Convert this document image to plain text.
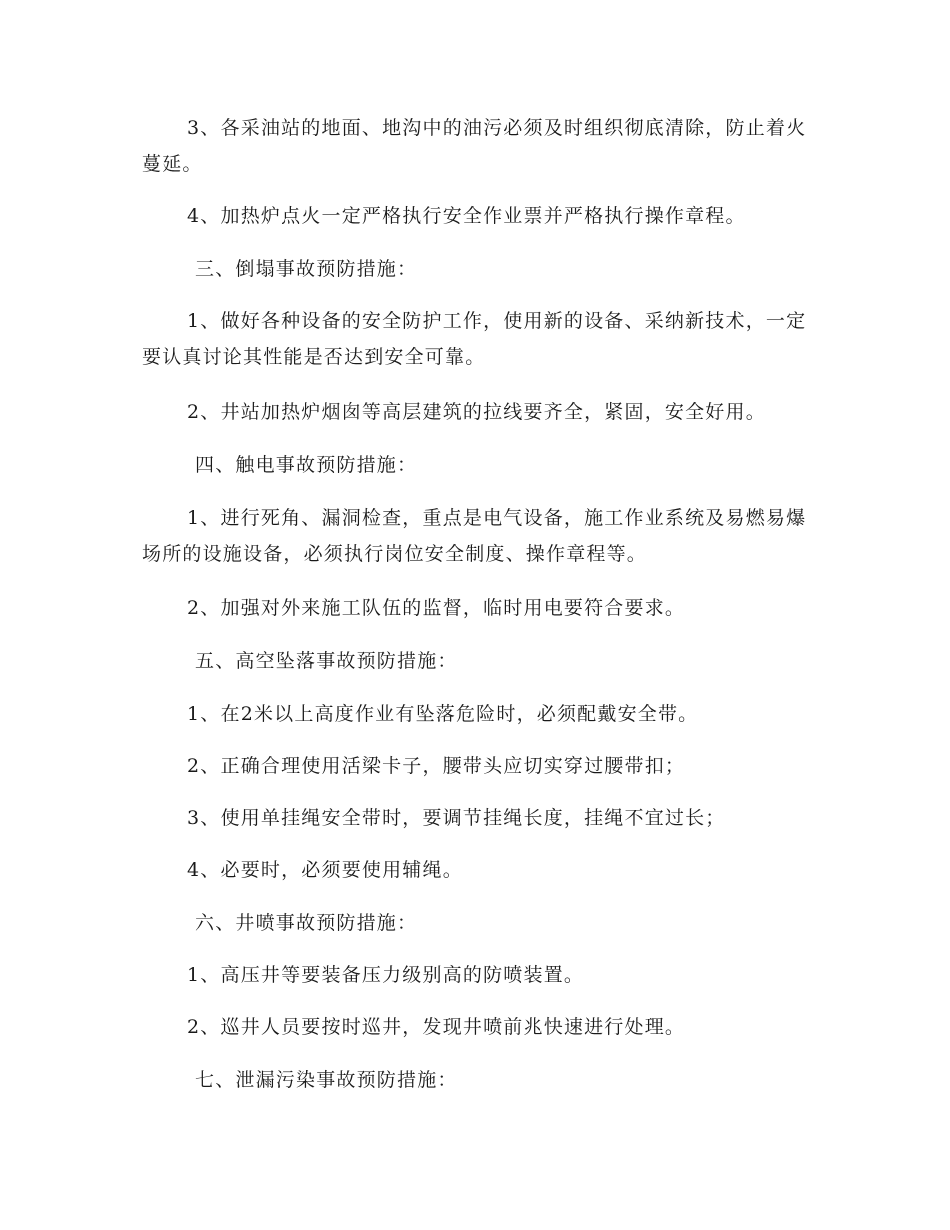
3、各采油站的地面、地沟中的油污必须及时组织彻底清除，防止着火蔓延。

4、加热炉点火一定严格执行安全作业票并严格执行操作章程。

三、倒塌事故预防措施：

1、做好各种设备的安全防护工作，使用新的设备、采纳新技术，一定要认真讨论其性能是否达到安全可靠。

2、井站加热炉烟囱等高层建筑的拉线要齐全，紧固，安全好用。

四、触电事故预防措施：

1、进行死角、漏洞检查，重点是电气设备，施工作业系统及易燃易爆场所的设施设备，必须执行岗位安全制度、操作章程等。

2、加强对外来施工队伍的监督，临时用电要符合要求。

五、高空坠落事故预防措施：

1、在2米以上高度作业有坠落危险时，必须配戴安全带。

2、正确合理使用活梁卡子，腰带头应切实穿过腰带扣；

3、使用单挂绳安全带时，要调节挂绳长度，挂绳不宜过长；

4、必要时，必须要使用辅绳。

六、井喷事故预防措施：

1、高压井等要装备压力级别高的防喷装置。

2、巡井人员要按时巡井，发现井喷前兆快速进行处理。

七、泄漏污染事故预防措施：
